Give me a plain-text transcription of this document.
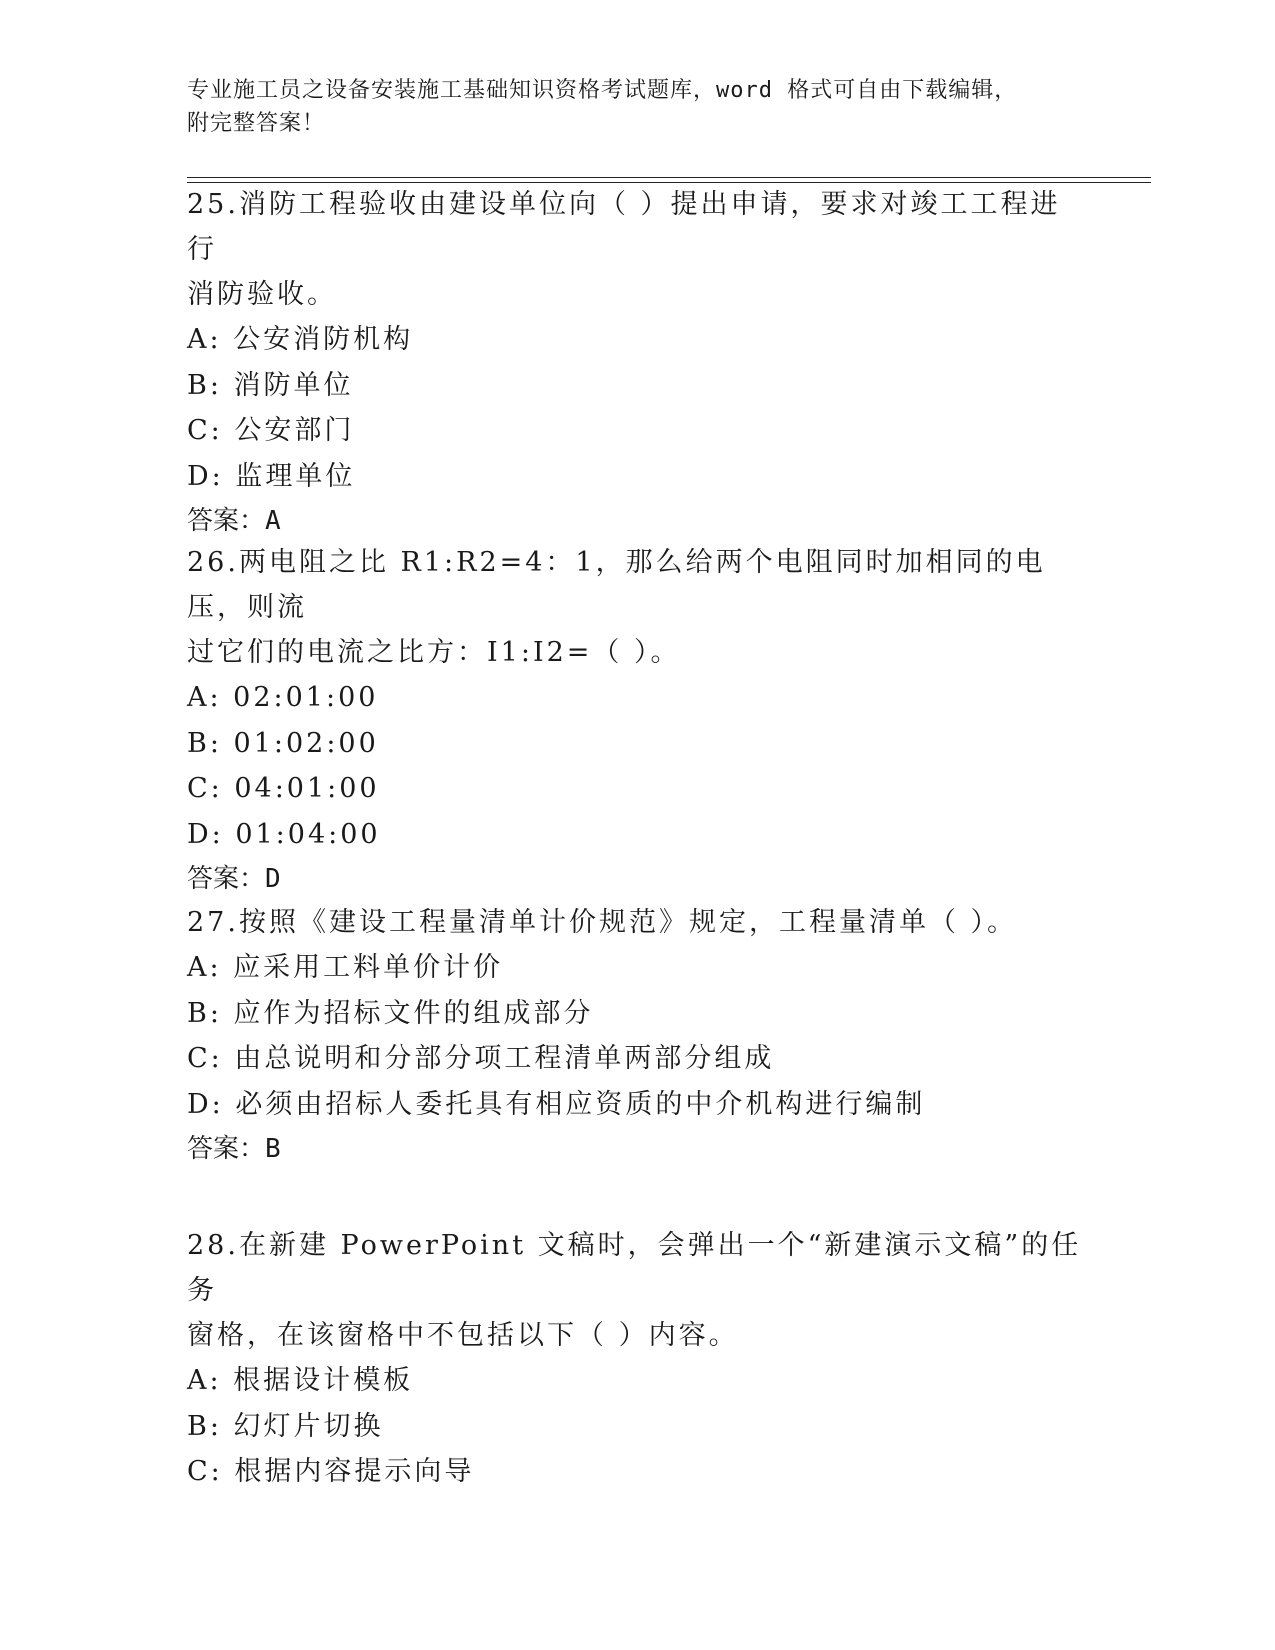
专业施工员之设备安装施工基础知识资格考试题库，word 格式可自由下载编辑，
附完整答案！

25.消防工程验收由建设单位向（ ）提出申请，要求对竣工工程进行

消防验收。

A: 公安消防机构

B: 消防单位

C: 公安部门

D: 监理单位

答案：A

26.两电阻之比 R1:R2=4：1，那么给两个电阻同时加相同的电压，则流

过它们的电流之比方：I1:I2=（ ）。

A: 02:01:00

B: 01:02:00

C: 04:01:00

D: 01:04:00

答案：D

27.按照《建设工程量清单计价规范》规定，工程量清单（ ）。

A: 应采用工料单价计价

B: 应作为招标文件的组成部分

C: 由总说明和分部分项工程清单两部分组成

D: 必须由招标人委托具有相应资质的中介机构进行编制

答案：B

28.在新建 PowerPoint 文稿时，会弹出一个“新建演示文稿”的任务

窗格，在该窗格中不包括以下（ ）内容。

A: 根据设计模板

B: 幻灯片切换

C: 根据内容提示向导
